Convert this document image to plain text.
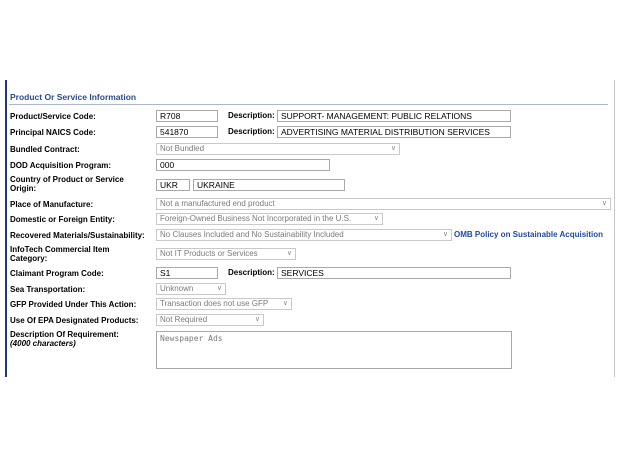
Product Or Service Information
Product/Service Code:	R708	Description: SUPPORT- MANAGEMENT: PUBLIC RELATIONS
Principal NAICS Code:	541870	Description: ADVERTISING MATERIAL DISTRIBUTION SERVICES
Bundled Contract:	Not Bundled	∨
DOD Acquisition Program:	000
Country of Product or Service
Origin:	UKR	UKRAINE
Place of Manufacture:	Not a manufactured end product	∨
Domestic or Foreign Entity:	Foreign-Owned Business Not Incorporated in the U.S.	∨
Recovered Materials/Sustainability:	No Clauses Included and No Sustainability Included	∨ OMB Policy on Sustainable Acquisition
InfoTech Commercial Item
Category:
Not IT Products or Services	∨
Claimant Program Code:	S1	Description: SERVICES
Sea Transportation:	Unknown	∨
GFP Provided Under This Action:	Transaction does not use GFP ∨
Use Of EPA Designated Products:	Not Required	∨
Description Of Requirement:
(4000 characters)
Newspaper Ads
